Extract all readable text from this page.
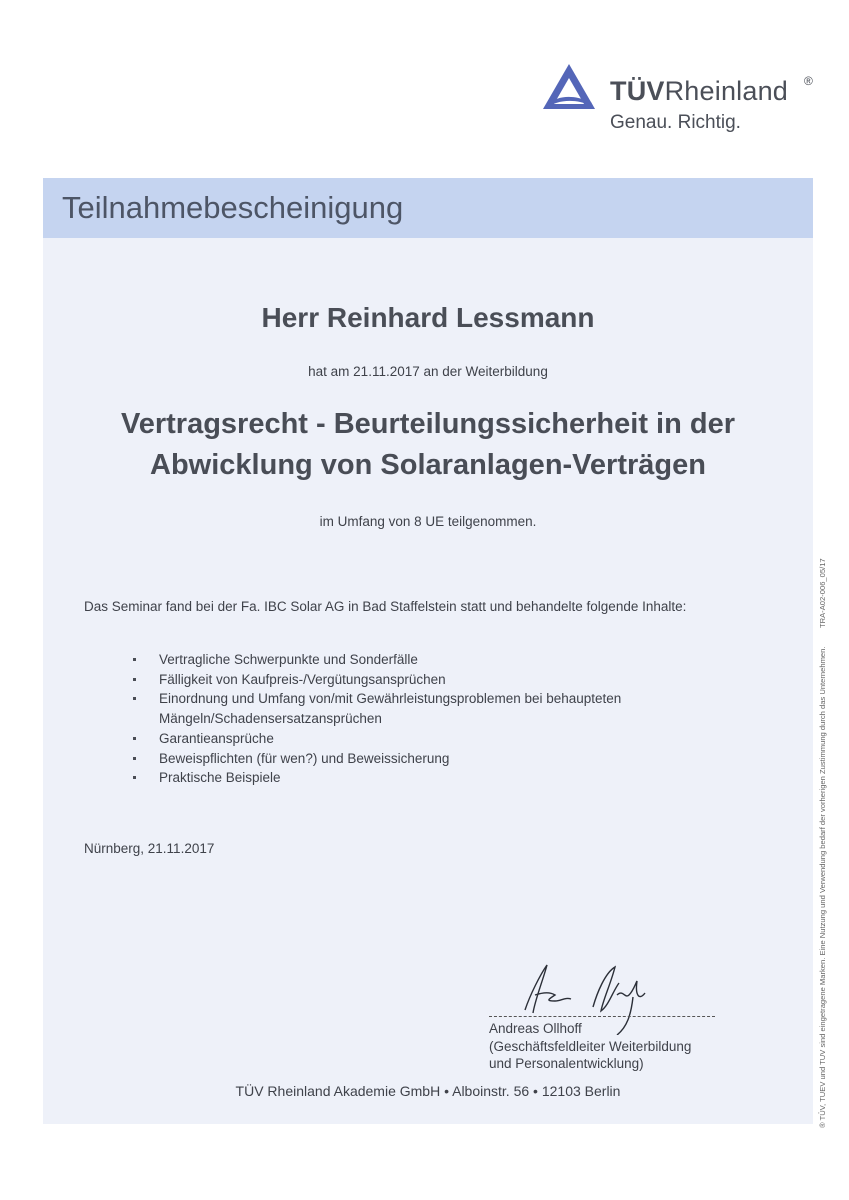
TÜVRheinland ®
Genau. Richtig.
Teilnahmebescheinigung
Herr Reinhard Lessmann
hat am 21.11.2017 an der Weiterbildung
Vertragsrecht - Beurteilungssicherheit in der
Abwicklung von Solaranlagen-Verträgen
im Umfang von 8 UE teilgenommen.
Das Seminar fand bei der Fa. IBC Solar AG in Bad Staffelstein statt und behandelte folgende Inhalte:
Vertragliche Schwerpunkte und Sonderfälle
Fälligkeit von Kaufpreis-/Vergütungsansprüchen
Einordnung und Umfang von/mit Gewährleistungsproblemen bei behaupteten
Mängeln/Schadensersatzansprüchen
Garantieansprüche
Beweispflichten (für wen?) und Beweissicherung
Praktische Beispiele
Nürnberg, 21.11.2017
Andreas Ollhoff
(Geschäftsfeldleiter Weiterbildung
und Personalentwicklung)
TÜV Rheinland Akademie GmbH • Alboinstr. 56 • 12103 Berlin	® TÜV, TUEV und TUV sind eingetragene Marken. Eine Nutzung und Verwendung bedarf der vorherigen Zustimmung durch das Unternehmen.
TRA-A02-006_05/17
